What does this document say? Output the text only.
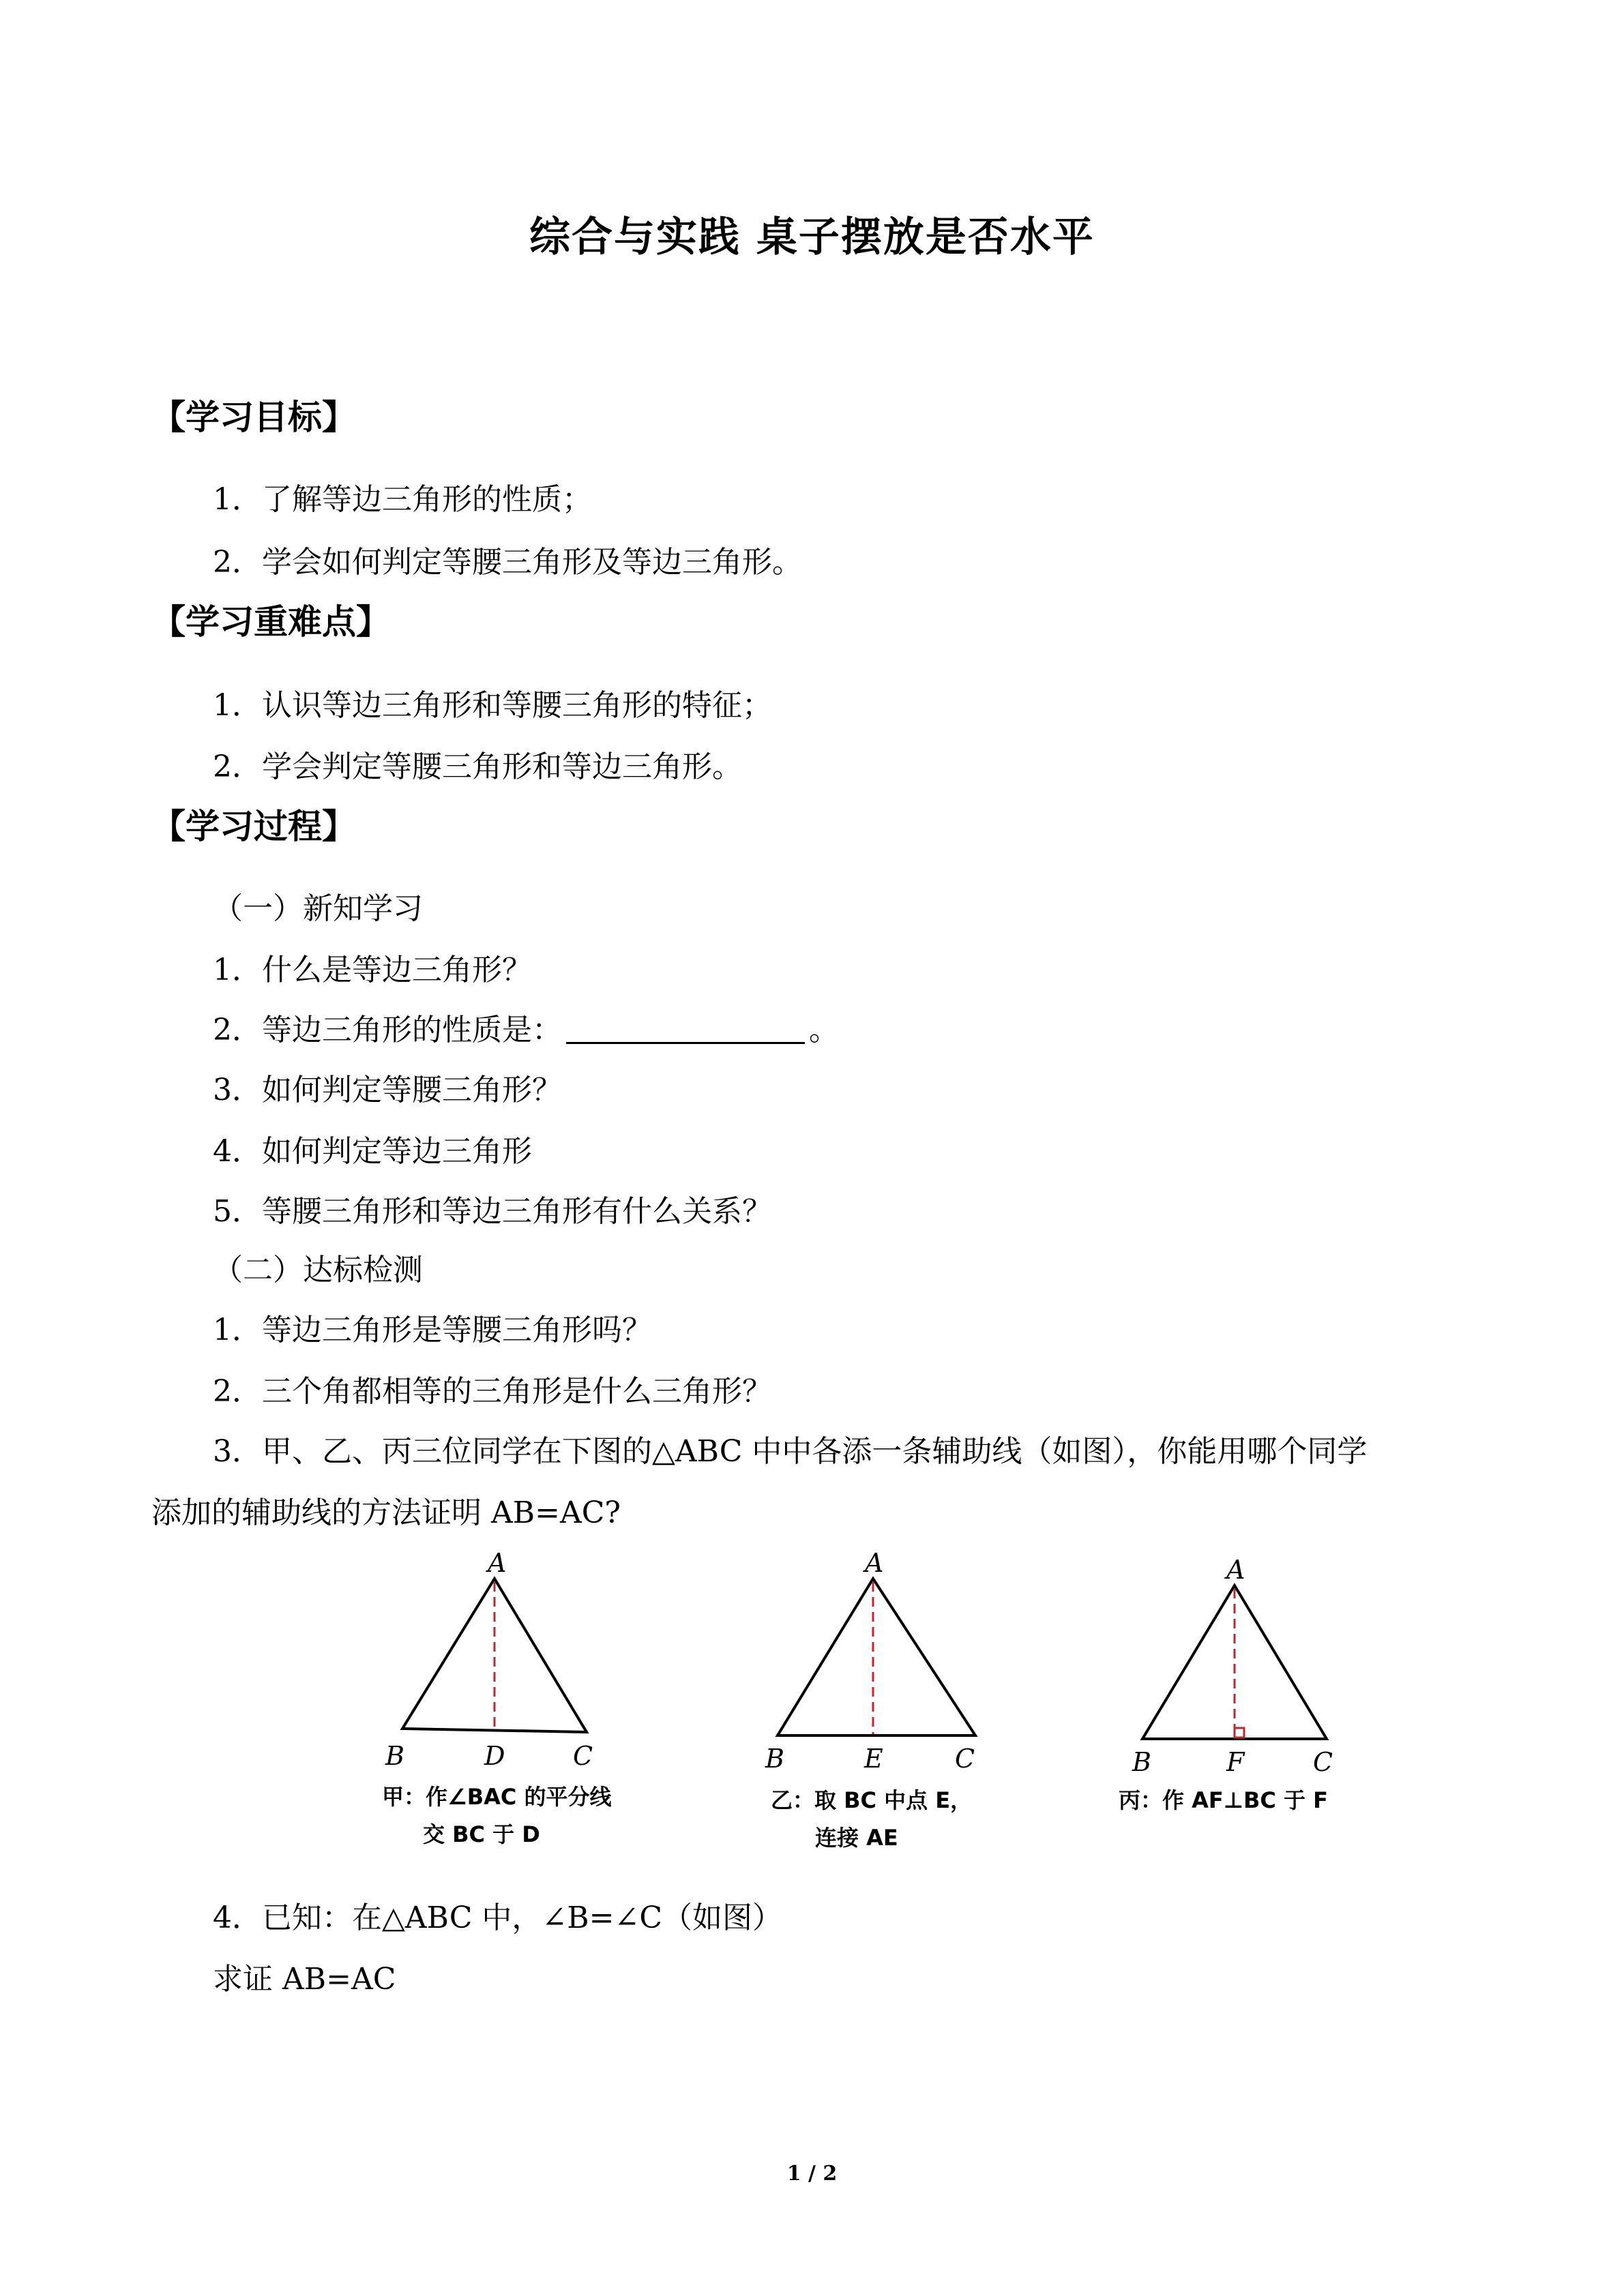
综合与实践 桌子摆放是否水平
【学习目标】
1．了解等边三角形的性质；
2．学会如何判定等腰三角形及等边三角形。
【学习重难点】
1．认识等边三角形和等腰三角形的特征；
2．学会判定等腰三角形和等边三角形。
【学习过程】
（一）新知学习
1．什么是等边三角形？
2．等边三角形的性质是：	。
3．如何判定等腰三角形？
4．如何判定等边三角形
5．等腰三角形和等边三角形有什么关系？
（二）达标检测
1．等边三角形是等腰三角形吗？
2．三个角都相等的三角形是什么三角形？
3．甲、乙、丙三位同学在下图的△ABC 中中各添一条辅助线（如图），你能用哪个同学
添加的辅助线的方法证明 AB=AC?
A
B	D	C
甲：作∠BAC 的平分线
交 BC 于 D
A
B	E	C
乙：取 BC 中点 E，
连接 AE
A
B	F	C
丙：作 AF⊥BC 于 F
4．已知：在△ABC 中，∠B=∠C（如图）
求证 AB=AC
1 / 2
